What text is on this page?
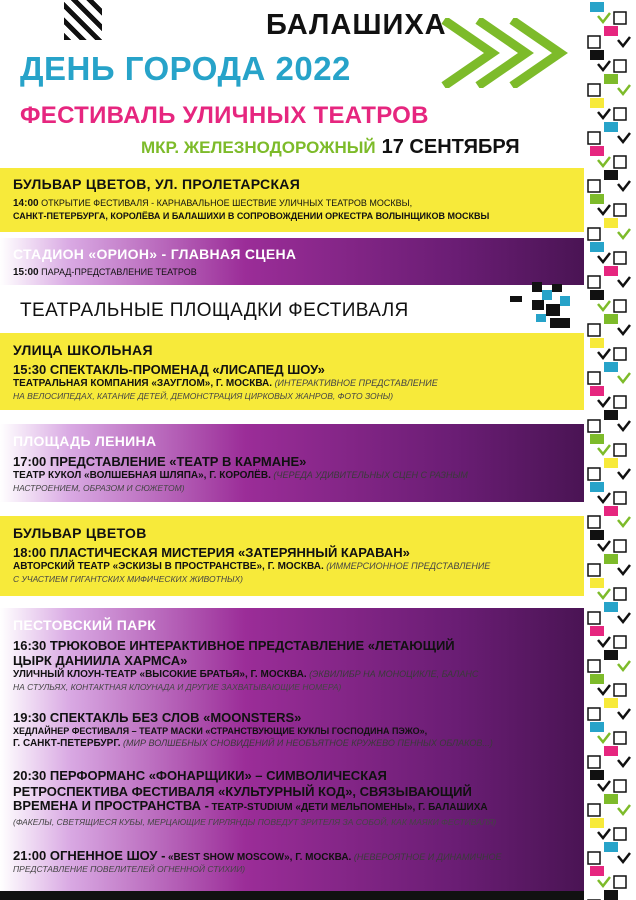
БАЛАШИХА
ДЕНЬ ГОРОДА 2022
ФЕСТИВАЛЬ УЛИЧНЫХ ТЕАТРОВ
МКР. ЖЕЛЕЗНОДОРОЖНЫЙ 17 СЕНТЯБРЯ
БУЛЬВАР ЦВЕТОВ, УЛ. ПРОЛЕТАРСКАЯ
14:00 ОТКРЫТИЕ ФЕСТИВАЛЯ - КАРНАВАЛЬНОЕ ШЕСТВИЕ УЛИЧНЫХ ТЕАТРОВ МОСКВЫ,
САНКТ-ПЕТЕРБУРГА, КОРОЛЁВА И БАЛАШИХИ В СОПРОВОЖДЕНИИ ОРКЕСТРА ВОЛЫНЩИКОВ МОСКВЫ
СТАДИОН «ОРИОН» - ГЛАВНАЯ СЦЕНА
15:00 ПАРАД-ПРЕДСТАВЛЕНИЕ ТЕАТРОВ
ТЕАТРАЛЬНЫЕ ПЛОЩАДКИ ФЕСТИВАЛЯ
УЛИЦА ШКОЛЬНАЯ
15:30 СПЕКТАКЛЬ-ПРОМЕНАД «ЛИСАПЕД ШОУ»
ТЕАТРАЛЬНАЯ КОМПАНИЯ «ЗАУГЛОМ», Г. МОСКВА. (ИНТЕРАКТИВНОЕ ПРЕДСТАВЛЕНИЕ
НА ВЕЛОСИПЕДАХ, КАТАНИЕ ДЕТЕЙ, ДЕМОНСТРАЦИЯ ЦИРКОВЫХ ЖАНРОВ, ФОТО ЗОНЫ)
ПЛОЩАДЬ ЛЕНИНА
17:00 ПРЕДСТАВЛЕНИЕ «ТЕАТР В КАРМАНЕ»
ТЕАТР КУКОЛ «ВОЛШЕБНАЯ ШЛЯПА», Г. КОРОЛЁВ. (ЧЕРЕДА УДИВИТЕЛЬНЫХ СЦЕН С РАЗНЫМ
НАСТРОЕНИЕМ, ОБРАЗОМ И СЮЖЕТОМ)
БУЛЬВАР ЦВЕТОВ
18:00 ПЛАСТИЧЕСКАЯ МИСТЕРИЯ «ЗАТЕРЯННЫЙ КАРАВАН»
АВТОРСКИЙ ТЕАТР «ЭСКИЗЫ В ПРОСТРАНСТВЕ», Г. МОСКВА. (ИММЕРСИОННОЕ ПРЕДСТАВЛЕНИЕ
С УЧАСТИЕМ ГИГАНТСКИХ МИФИЧЕСКИХ ЖИВОТНЫХ)
ПЕСТОВСКИЙ ПАРК
16:30 ТРЮКОВОЕ ИНТЕРАКТИВНОЕ ПРЕДСТАВЛЕНИЕ «ЛЕТАЮЩИЙ
ЦЫРК ДАНИИЛА ХАРМСА»
УЛИЧНЫЙ КЛОУН-ТЕАТР «ВЫСОКИЕ БРАТЬЯ», Г. МОСКВА. (ЭКВИЛИБР НА МОНОЦИКЛЕ, БАЛАНС
НА СТУЛЬЯХ, КОНТАКТНАЯ КЛОУНАДА И ДРУГИЕ ЗАХВАТЫВАЮЩИЕ НОМЕРА)
19:30 СПЕКТАКЛЬ БЕЗ СЛОВ «MOONSTERS»
ХЕДЛАЙНЕР ФЕСТИВАЛЯ – ТЕАТР МАСКИ «СТРАНСТВУЮЩИЕ КУКЛЫ ГОСПОДИНА ПЭЖО»,
Г. САНКТ-ПЕТЕРБУРГ. (МИР ВОЛШЕБНЫХ СНОВИДЕНИЙ И НЕОБЪЯТНОЕ КРУЖЕВО ПЕННЫХ ОБЛАКОВ...)
20:30 ПЕРФОРМАНС «ФОНАРЩИКИ» – СИМВОЛИЧЕСКАЯ
РЕТРОСПЕКТИВА ФЕСТИВАЛЯ «КУЛЬТУРНЫЙ КОД», СВЯЗЫВАЮЩИЙ
ВРЕМЕНА И ПРОСТРАНСТВА - ТЕАТР-STUDIUM «ДЕТИ МЕЛЬПОМЕНЫ», Г. БАЛАШИХА
(ФАКЕЛЫ, СВЕТЯЩИЕСЯ КУБЫ, МЕРЦАЮЩИЕ ГИРЛЯНДЫ ПОВЕДУТ ЗРИТЕЛЯ ЗА СОБОЙ, КАК МАЯКИ ФЕСТИВАЛЯ)
21:00 ОГНЕННОЕ ШОУ - «BEST SHOW MOSCOW», Г. МОСКВА. (НЕВЕРОЯТНОЕ И ДИНАМИЧНОЕ
ПРЕДСТАВЛЕНИЕ ПОВЕЛИТЕЛЕЙ ОГНЕННОЙ СТИХИИ)
